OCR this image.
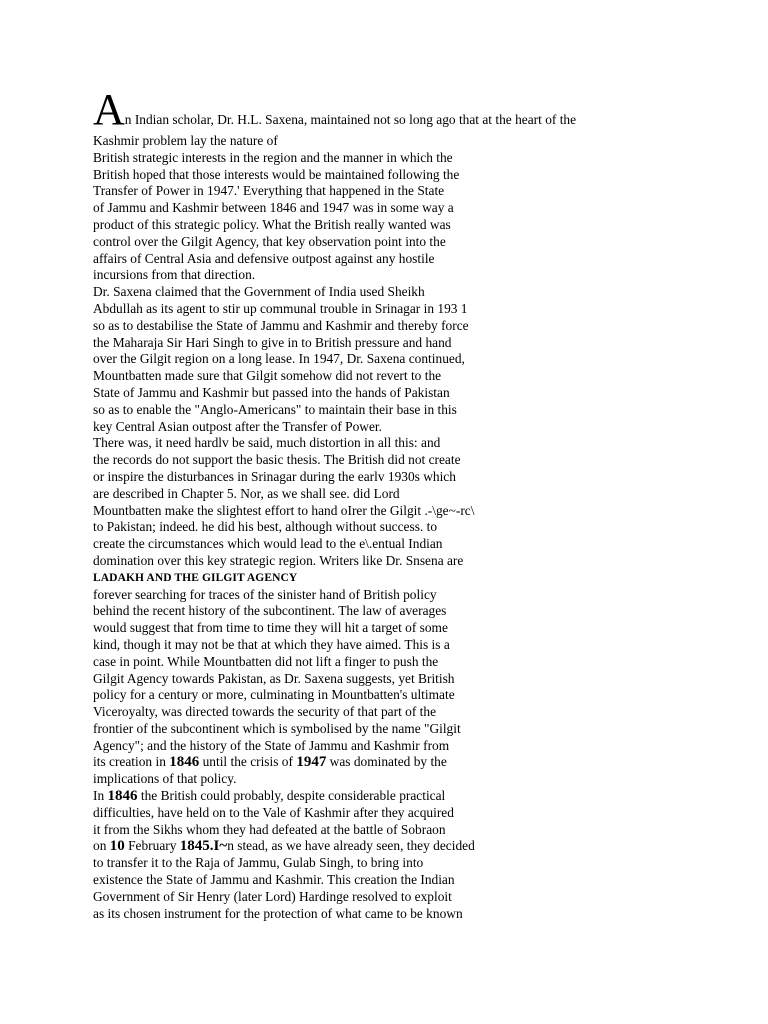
An Indian scholar, Dr. H.L. Saxena, maintained not so long ago that at the heart of the
Kashmir problem lay the nature of
British strategic interests in the region and the manner in which the
British hoped that those interests would be maintained following the
Transfer of Power in 1947.' Everything that happened in the State
of Jammu and Kashmir between 1846 and 1947 was in some way a
product of this strategic policy. What the British really wanted was
control over the Gilgit Agency, that key observation point into the
affairs of Central Asia and defensive outpost against any hostile
incursions from that direction.
Dr. Saxena claimed that the Government of India used Sheikh
Abdullah as its agent to stir up communal trouble in Srinagar in 193 1
so as to destabilise the State of Jammu and Kashmir and thereby force
the Maharaja Sir Hari Singh to give in to British pressure and hand
over the Gilgit region on a long lease. In 1947, Dr. Saxena continued,
Mountbatten made sure that Gilgit somehow did not revert to the
State of Jammu and Kashmir but passed into the hands of Pakistan
so as to enable the "Anglo-Americans" to maintain their base in this
key Central Asian outpost after the Transfer of Power.
There was, it need hardlv be said, much distortion in all this: and
the records do not support the basic thesis. The British did not create
or inspire the disturbances in Srinagar during the earlv 1930s which
are described in Chapter 5. Nor, as we shall see. did Lord
Mountbatten make the slightest effort to hand oIrer the Gilgit .-\ge~-rc\
to Pakistan; indeed. he did his best, although without success. to
create the circumstances which would lead to the e\.entual Indian
domination over this key strategic region. Writers like Dr. Snsena are
LADAKH AND THE GILGIT AGENCY
forever searching for traces of the sinister hand of British policy
behind the recent history of the subcontinent. The law of averages
would suggest that from time to time they will hit a target of some
kind, though it may not be that at which they have aimed. This is a
case in point. While Mountbatten did not lift a finger to push the
Gilgit Agency towards Pakistan, as Dr. Saxena suggests, yet British
policy for a century or more, culminating in Mountbatten's ultimate
Viceroyalty, was directed towards the security of that part of the
frontier of the subcontinent which is symbolised by the name "Gilgit
Agency"; and the history of the State of Jammu and Kashmir from
its creation in 1846 until the crisis of 1947 was dominated by the
implications of that policy.
In 1846 the British could probably, despite considerable practical
difficulties, have held on to the Vale of Kashmir after they acquired
it from the Sikhs whom they had defeated at the battle of Sobraon
on 10 February 1845.I~n stead, as we have already seen, they decided
to transfer it to the Raja of Jammu, Gulab Singh, to bring into
existence the State of Jammu and Kashmir. This creation the Indian
Government of Sir Henry (later Lord) Hardinge resolved to exploit
as its chosen instrument for the protection of what came to be known
